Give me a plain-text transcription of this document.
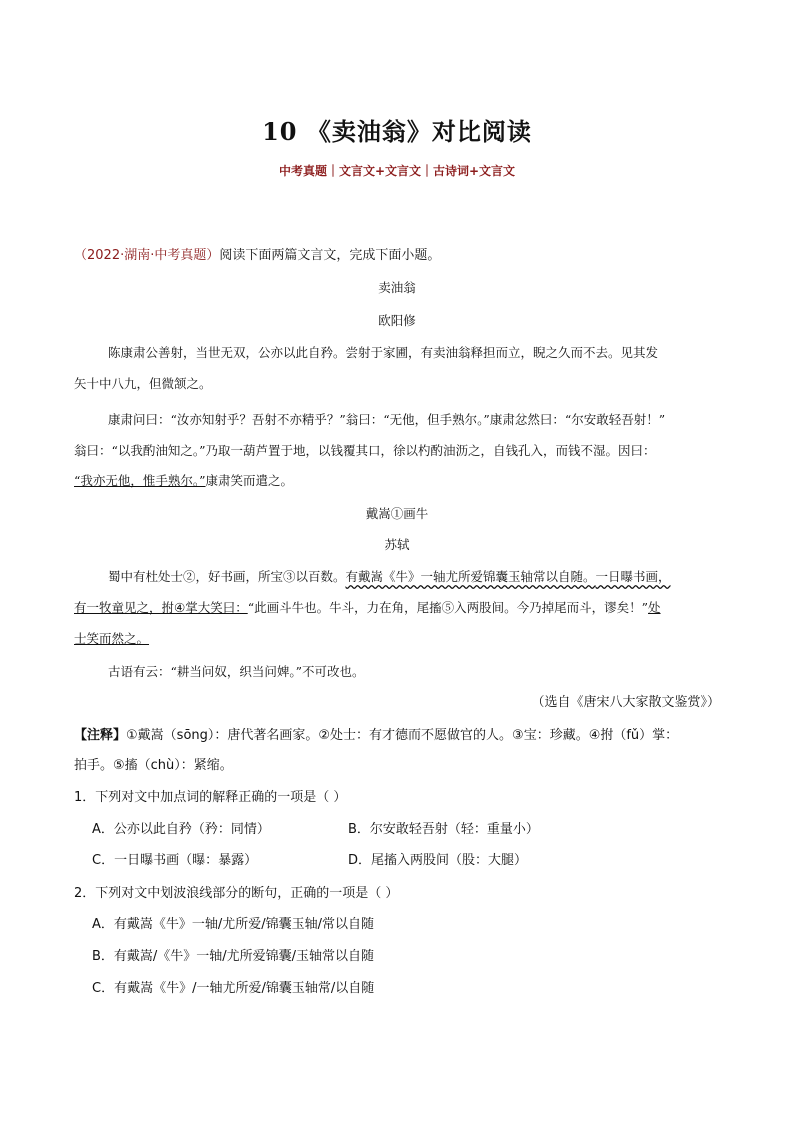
10 《卖油翁》对比阅读
中考真题｜文言文+文言文｜古诗词+文言文
（2022·湖南·中考真题）阅读下面两篇文言文，完成下面小题。
卖油翁
欧阳修
陈康肃公善射，当世无双，公亦以此自矜。尝射于家圃，有卖油翁释担而立，睨之久而不去。见其发
矢十中八九，但微颔之。
康肃问曰：“汝亦知射乎？吾射不亦精乎？”翁曰：“无他，但手熟尔。”康肃忿然曰：“尔安敢轻吾射！”
翁曰：“以我酌油知之。”乃取一葫芦置于地，以钱覆其口，徐以杓酌油沥之，自钱孔入，而钱不湿。因曰：
“我亦无他，惟手熟尔。”康肃笑而遣之。
戴嵩①画牛
苏轼
蜀中有杜处士②，好书画，所宝③以百数。有戴嵩《牛》一轴尤所爱锦囊玉轴常以自随。一日曝书画，
有一牧童见之，拊④掌大笑曰：“此画斗牛也。牛斗，力在角，尾搐⑤入两股间。今乃掉尾而斗，谬矣！”处
士笑而然之。
古语有云：“耕当问奴，织当问婢。”不可改也。
（选自《唐宋八大家散文鉴赏》）
【注释】①戴嵩（sōng）：唐代著名画家。②处士：有才德而不愿做官的人。③宝：珍藏。④拊（fǔ）掌：
拍手。⑤搐（chù）：紧缩。
1．下列对文中加点词的解释正确的一项是（ ）
A．公亦以此自矜（矜：同情）	B．尔安敢轻吾射（轻：重量小）
C．一日曝书画（曝：暴露）	D．尾搐入两股间（股：大腿）
2．下列对文中划波浪线部分的断句，正确的一项是（ ）
A．有戴嵩《牛》一轴/尤所爱/锦囊玉轴/常以自随
B．有戴嵩/《牛》一轴/尤所爱锦囊/玉轴常以自随
C．有戴嵩《牛》/一轴尤所爱/锦囊玉轴常/以自随
